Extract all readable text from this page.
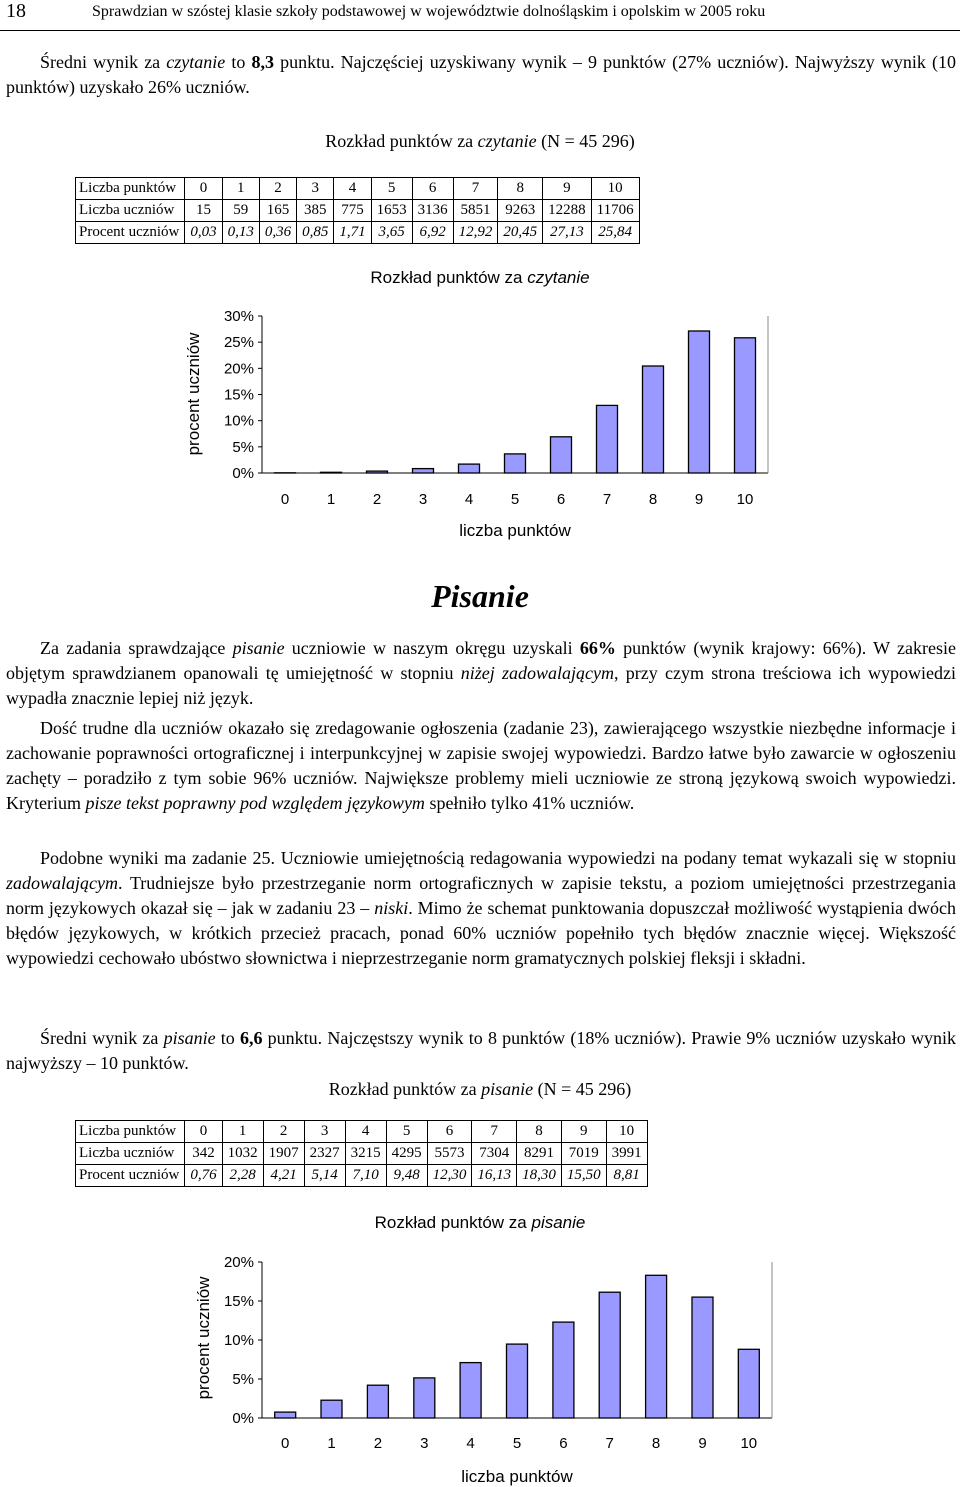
18	Sprawdzian w szóstej klasie szkoły podstawowej w województwie dolnośląskim i opolskim w 2005 roku

Średni wynik za czytanie to 8,3 punktu. Najczęściej uzyskiwany wynik – 9 punktów (27% uczniów). Najwyższy wynik (10 punktów) uzyskało 26% uczniów.

Rozkład punktów za czytanie (N = 45 296)
Liczba punktów	0	1	2	3	4	5	6	7	8	9	10
Liczba uczniów	15	59	165	385	775	1653	3136	5851	9263	12288	11706
Procent uczniów	0,03	0,13	0,36	0,85	1,71	3,65	6,92	12,92	20,45	27,13	25,84
Rozkład punktów za czytanie
0%
5%
10%
15%
20%
25%
30%
0	1	2	3	4	5	6	7	8	9 10
liczba punktów
procent uczniów
Pisanie

Za zadania sprawdzające pisanie uczniowie w naszym okręgu uzyskali 66% punktów (wynik krajowy: 66%). W zakresie objętym sprawdzianem opanowali tę umiejętność w stopniu niżej zadowalającym, przy czym strona treściowa ich wypowiedzi wypadła znacznie lepiej niż język.

Dość trudne dla uczniów okazało się zredagowanie ogłoszenia (zadanie 23), zawierającego wszystkie niezbędne informacje i zachowanie poprawności ortograficznej i interpunkcyjnej w zapisie swojej wypowiedzi. Bardzo łatwe było zawarcie w ogłoszeniu zachęty – poradziło z tym sobie 96% uczniów. Największe problemy mieli uczniowie ze stroną językową swoich wypowiedzi. Kryterium pisze tekst poprawny pod względem językowym spełniło tylko 41% uczniów.

Podobne wyniki ma zadanie 25. Uczniowie umiejętnością redagowania wypowiedzi na podany temat wykazali się w stopniu zadowalającym. Trudniejsze było przestrzeganie norm ortograficznych w zapisie tekstu, a poziom umiejętności przestrzegania norm językowych okazał się – jak w zadaniu 23 – niski. Mimo że schemat punktowania dopuszczał możliwość wystąpienia dwóch błędów językowych, w krótkich przecież pracach, ponad 60% uczniów popełniło tych błędów znacznie więcej. Większość wypowiedzi cechowało ubóstwo słownictwa i nieprzestrzeganie norm gramatycznych polskiej fleksji i składni.

Średni wynik za pisanie to 6,6 punktu. Najczęstszy wynik to 8 punktów (18% uczniów). Prawie 9% uczniów uzyskało wynik najwyższy – 10 punktów.

Rozkład punktów za pisanie (N = 45 296)
Liczba punktów	0	1	2	3	4	5	6	7	8	9	10
Liczba uczniów	342	1032	1907	2327	3215	4295	5573	7304	8291	7019	3991
Procent uczniów	0,76	2,28	4,21	5,14	7,10	9,48	12,30	16,13	18,30	15,50	8,81
Rozkład punktów za pisanie
0%
5%
10%
15%
20%
0	1	2	3	4	5	6	7	8	9 10
liczba punktów
procent uczniów
